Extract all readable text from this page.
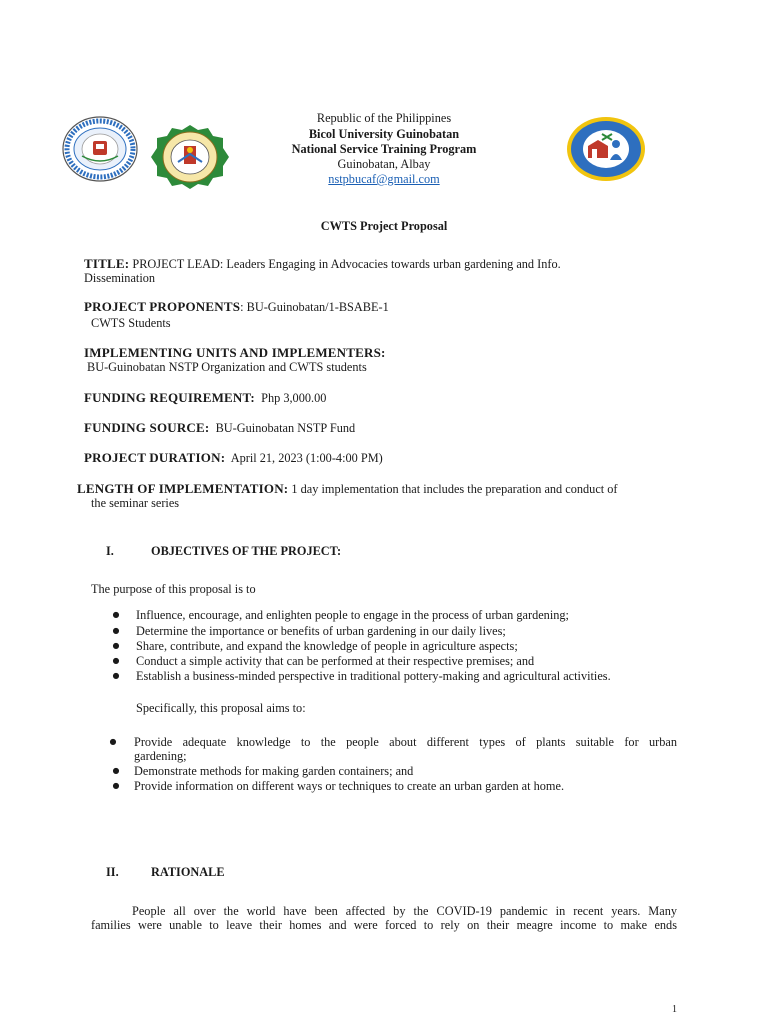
Republic of the Philippines
Bicol University Guinobatan
National Service Training Program
Guinobatan, Albay
nstpbucaf@gmail.com
CWTS Project Proposal
TITLE: PROJECT LEAD: Leaders Engaging in Advocacies towards urban gardening and Info.
Dissemination
PROJECT PROPONENTS: BU-Guinobatan/1-BSABE-1
CWTS Students
IMPLEMENTING UNITS AND IMPLEMENTERS:
BU-Guinobatan NSTP Organization and CWTS students
FUNDING REQUIREMENT: Php 3,000.00
FUNDING SOURCE: BU-Guinobatan NSTP Fund
PROJECT DURATION: April 21, 2023 (1:00-4:00 PM)
LENGTH OF IMPLEMENTATION: 1 day implementation that includes the preparation and conduct of
the seminar series
I.	OBJECTIVES OF THE PROJECT:
The purpose of this proposal is to
● Influence, encourage, and enlighten people to engage in the process of urban gardening;
● Determine the importance or benefits of urban gardening in our daily lives;
● Share, contribute, and expand the knowledge of people in agriculture aspects;
● Conduct a simple activity that can be performed at their respective premises; and
● Establish a business-minded perspective in traditional pottery-making and agricultural activities.
Specifically, this proposal aims to:
● Provide adequate knowledge to the people about different types of plants suitable for urban
gardening;
● Demonstrate methods for making garden containers; and
● Provide information on different ways or techniques to create an urban garden at home.
II.	RATIONALE
People all over the world have been affected by the COVID-19 pandemic in recent years. Many
families were unable to leave their homes and were forced to rely on their meagre income to make ends
1
